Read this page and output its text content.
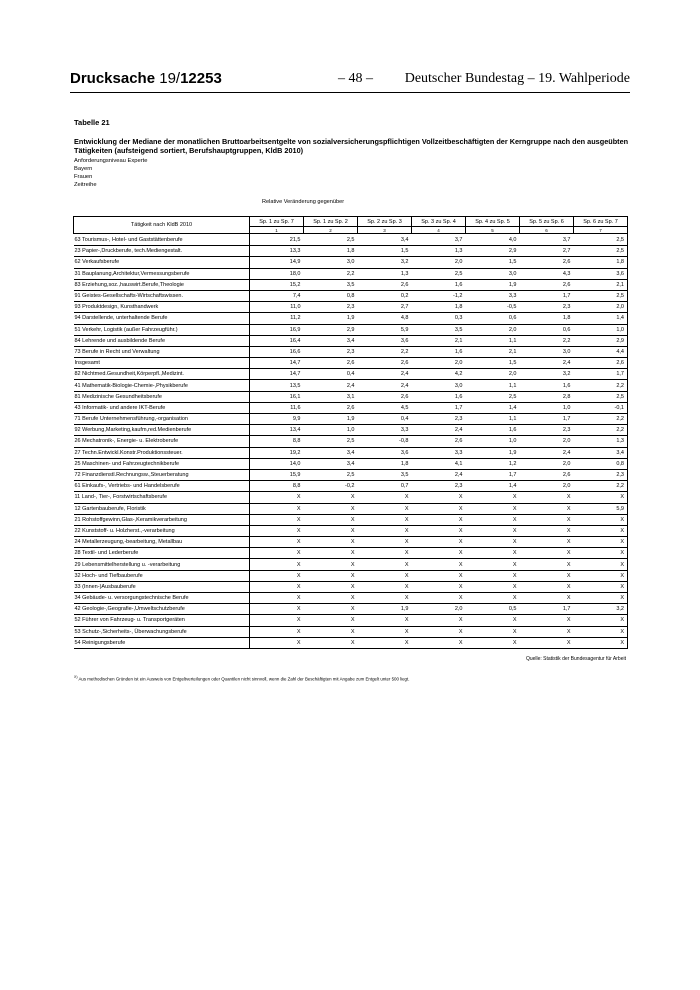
Drucksache 19/12253	– 48 – Deutscher Bundestag – 19. Wahlperiode
Tabelle 21
Entwicklung der Mediane der monatlichen Bruttoarbeitsentgelte von sozialversicherungspflichtigen Vollzeitbeschäftigten der Kerngruppe nach den ausgeübten Tätigkeiten (aufsteigend sortiert, Berufshauptgruppen, KldB 2010)
Anforderungsniveau Experte
Bayern
Frauen
Zeitreihe
Relative Veränderung gegenüber
Tätigkeit nach KldB 2010	Sp. 1 zu Sp. 7	Sp. 1 zu Sp. 2	Sp. 2 zu Sp. 3	Sp. 3 zu Sp. 4	Sp. 4 zu Sp. 5	Sp. 5 zu Sp. 6	Sp. 6 zu Sp. 7
	1	2	3	4	5	6	7
63 Tourismus-, Hotel- und Gaststättenberufe	21,5	2,5	3,4	3,7	4,0	3,7	2,5
23 Papier-,Druckberufe, tech.Mediengestalt.	13,3	1,8	1,5	1,3	2,9	2,7	2,5
62 Verkaufsberufe	14,9	3,0	3,2	2,0	1,5	2,6	1,8
31 Bauplanung,Architektur,Vermessungsberufe	18,0	2,2	1,3	2,5	3,0	4,3	3,6
83 Erziehung,soz.,hauswirt.Berufe,Theologie	15,2	3,5	2,6	1,6	1,9	2,6	2,1
91 Geistes-Gesellschafts-Wirtschaftswissen.	7,4	0,8	0,2	-1,2	3,3	1,7	2,5
93 Produktdesign, Kunsthandwerk	11,0	2,3	2,7	1,8	-0,5	2,3	2,0
94 Darstellende, unterhaltende Berufe	11,2	1,9	4,8	0,3	0,6	1,8	1,4
51 Verkehr, Logistik (außer Fahrzeugführ.)	16,9	2,9	5,9	3,5	2,0	0,6	1,0
84 Lehrende und ausbildende Berufe	16,4	3,4	3,6	2,1	1,1	2,2	2,9
73 Berufe in Recht und Verwaltung	16,6	2,3	2,2	1,6	2,1	3,0	4,4
Insgesamt	14,7	2,6	2,6	2,0	1,5	2,4	2,6
82 Nichtmed.Gesundheit,Körperpfl.,Medizint.	14,7	0,4	2,4	4,2	2,0	3,2	1,7
41 Mathematik-Biologie-Chemie-,Physikberufe	13,5	2,4	2,4	3,0	1,1	1,6	2,2
81 Medizinische Gesundheitsberufe	16,1	3,1	2,6	1,6	2,5	2,8	2,5
43 Informatik- und andere IKT-Berufe	11,6	2,6	4,5	1,7	1,4	1,0	-0,1
71 Berufe Unternehmensführung,-organisation	9,9	1,9	0,4	2,3	1,1	1,7	2,2
92 Werbung,Marketing,kaufm,red.Medienberufe	13,4	1,0	3,3	2,4	1,6	2,3	2,2
26 Mechatronik-, Energie- u. Elektroberufe	8,8	2,5	-0,8	2,6	1,0	2,0	1,3
27 Techn.Entwickl.Konstr.Produktionssteuer.	19,2	3,4	3,6	3,3	1,9	2,4	3,4
25 Maschinen- und Fahrzeugtechnikberufe	14,0	3,4	1,8	4,1	1,2	2,0	0,8
72 Finanzdienstl.Rechnungsw.,Steuerberatung	15,9	2,5	3,5	2,4	1,7	2,6	2,3
61 Einkaufs-, Vertriebs- und Handelsberufe	8,8	-0,2	0,7	2,3	1,4	2,0	2,2
11 Land-, Tier-, Forstwirtschaftsberufe	X	X	X	X	X	X	X
12 Gartenbauberufe, Floristik	X	X	X	X	X	X	5,9
21 Rohstoffgewinn,Glas-,Keramikverarbeitung	X	X	X	X	X	X	X
22 Kunststoff- u. Holzherst.,-verarbeitung	X	X	X	X	X	X	X
24 Metallerzeugung,-bearbeitung, Metallbau	X	X	X	X	X	X	X
28 Textil- und Lederberufe	X	X	X	X	X	X	X
29 Lebensmittelherstellung u. -verarbeitung	X	X	X	X	X	X	X
32 Hoch- und Tiefbauberufe	X	X	X	X	X	X	X
33 (Innen-)Ausbauberufe	X	X	X	X	X	X	X
34 Gebäude- u. versorgungstechnische Berufe	X	X	X	X	X	X	X
42 Geologie-,Geografie-,Umweltschutzberufe	X	X	1,9	2,0	0,5	1,7	3,2
52 Führer von Fahrzeug- u. Transportgeräten	X	X	X	X	X	X	X
53 Schutz-,Sicherheits-, Überwachungsberufe	X	X	X	X	X	X	X
54 Reinigungsberufe	X	X	X	X	X	X	X
Quelle: Statistik der Bundesagentur für Arbeit
$^{X)}$ Aus methodischen Gründen ist ein Ausweis von Entgeltverteilungen oder Quantilen nicht sinnvoll, wenn die Zahl der Beschäftigten mit Angabe zum Entgelt unter 500 liegt.
